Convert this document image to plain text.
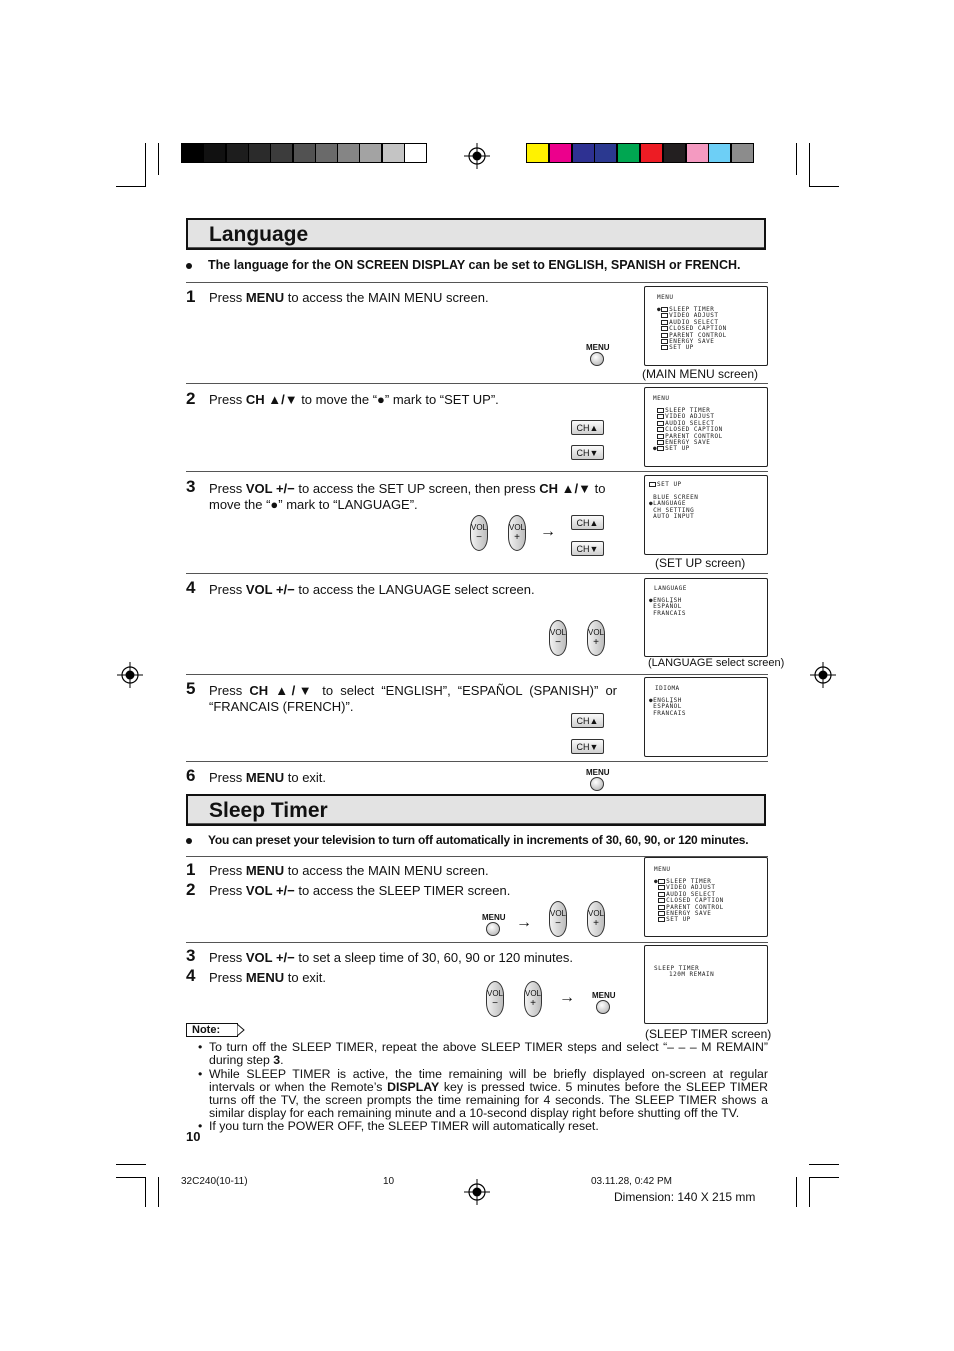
Language
The language for the ON SCREEN DISPLAY can be set to ENGLISH, SPANISH or FRENCH.
1 Press MENU to access the MAIN MENU screen.
MENU
MENU
● SLEEP TIMER
VIDEO ADJUST
AUDIO SELECT
CLOSED CAPTION
PARENT CONTROL
ENERGY SAVE
SET UP
(MAIN MENU screen)
2 Press CH ▲/▼ to move the “●” mark to “SET UP”.
CH▲
CH▼
MENU
SLEEP TIMER
VIDEO ADJUST
AUDIO SELECT
CLOSED CAPTION
PARENT CONTROL
ENERGY SAVE
● SET UP
3 Press VOL +/− to access the SET UP screen, then press CH ▲/▼ to move the “●” mark to “LANGUAGE”.
VOL
−
VOL
+	→	CH▲
CH▼
SET UP
BLUE SCREEN
●LANGUAGE
CH SETTING
AUTO INPUT
(SET UP screen)
4 Press VOL +/− to access the LANGUAGE select screen.
VOL
−
VOL
+
LANGUAGE
●ENGLISH
ESPAÑOL
FRANCAIS
(LANGUAGE select screen)
5 Press CH ▲/▼ to select “ENGLISH”, “ESPAÑOL (SPANISH)” or “FRANCAIS (FRENCH)”.
CH▲
CH▼
IDIOMA
●ENGLISH
ESPAÑOL
FRANCAIS
6 Press MENU to exit.	MENU
Sleep Timer
You can preset your television to turn off automatically in increments of 30, 60, 90, or 120 minutes.
1 Press MENU to access the MAIN MENU screen.
2 Press VOL +/− to access the SLEEP TIMER screen.
MENU →
VOL
−
VOL
+
MENU
● SLEEP TIMER
VIDEO ADJUST
AUDIO SELECT
CLOSED CAPTION
PARENT CONTROL
ENERGY SAVE
SET UP
3 Press VOL +/− to set a sleep time of 30, 60, 90 or 120 minutes.
4 Press MENU to exit.
VOL
−
VOL
+	→ MENU
SLEEP TIMER
120M REMAIN
(SLEEP TIMER screen)
Note:
• To turn off the SLEEP TIMER, repeat the above SLEEP TIMER steps and select “– – – M REMAIN” during step 3.
• While SLEEP TIMER is active, the time remaining will be briefly displayed on-screen at regular intervals or when the Remote’s DISPLAY key is pressed twice. 5 minutes before the SLEEP TIMER turns off the TV, the screen prompts the time remaining for 4 seconds. The SLEEP TIMER shows a similar display for each remaining minute and a 10-second display right before shutting off the TV.
• If you turn the POWER OFF, the SLEEP TIMER will automatically reset.
10
32C240(10-11)	10	03.11.28, 0:42 PM
Dimension: 140 X 215 mm
